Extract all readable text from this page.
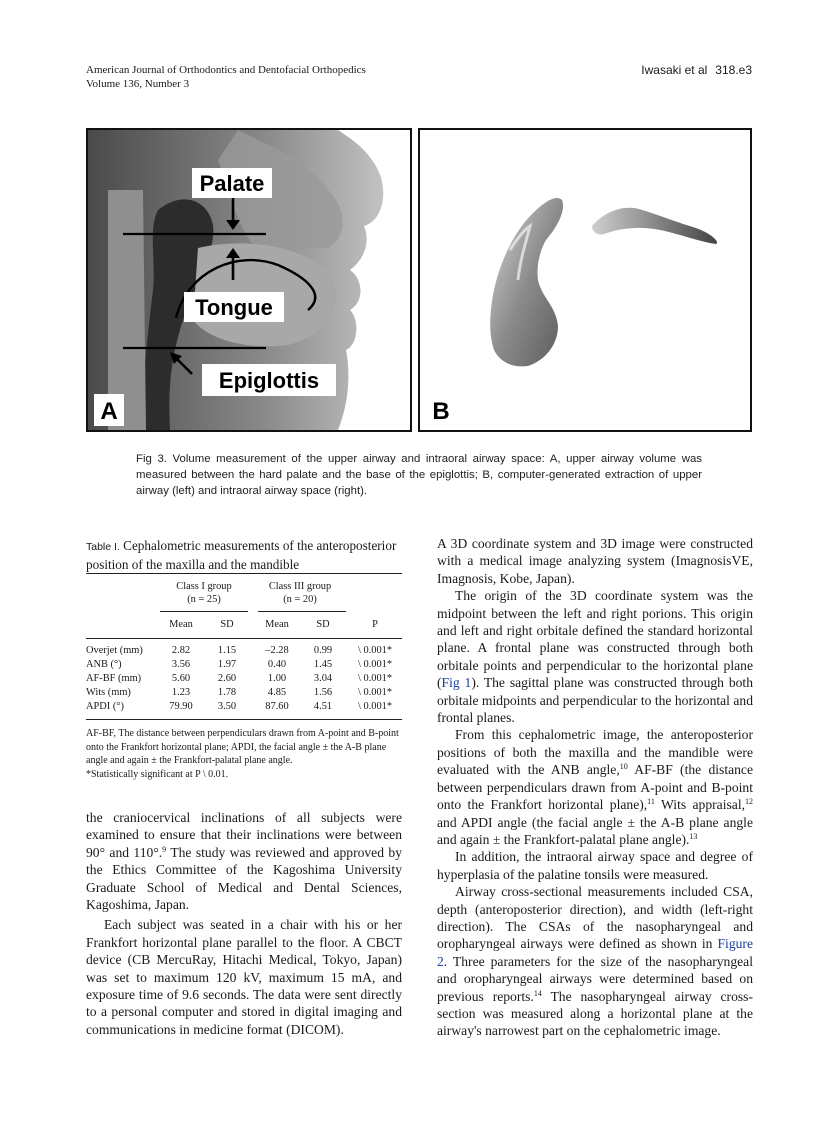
American Journal of Orthodontics and Dentofacial Orthopedics
Volume 136, Number 3
Iwasaki et al 318.e3
Palate
Tongue
Epiglottis
A	B
Fig 3. Volume measurement of the upper airway and intraoral airway space: A, upper airway volume was measured between the hard palate and the base of the epiglottis; B, computer-generated extraction of upper airway (left) and intraoral airway space (right).
Table I. Cephalometric measurements of the anteroposterior position of the maxilla and the mandible
Class I group
(n = 25)
Class III group
(n = 20)
Mean	SD	Mean	SD	P
Overjet (mm)	2.82	1.15	–2.28	0.99	\ 0.001*
ANB (°)	3.56	1.97	0.40	1.45	\ 0.001*
AF-BF (mm)	5.60	2.60	1.00	3.04	\ 0.001*
Wits (mm)	1.23	1.78	4.85	1.56	\ 0.001*
APDI (°)	79.90	3.50	87.60	4.51	\ 0.001*
AF-BF, The distance between perpendiculars drawn from A-point and B-point onto the Frankfort horizontal plane; APDI, the facial angle ± the A-B plane angle and again ± the Frankfort-palatal plane angle.
*Statistically significant at P \ 0.01.

the craniocervical inclinations of all subjects were examined to ensure that their inclinations were between 90° and 110°.$^9$ The study was reviewed and approved by the Ethics Committee of the Kagoshima University Graduate School of Medical and Dental Sciences, Kagoshima, Japan.

Each subject was seated in a chair with his or her Frankfort horizontal plane parallel to the floor. A CBCT device (CB MercuRay, Hitachi Medical, Tokyo, Japan) was set to maximum 120 kV, maximum 15 mA, and exposure time of 9.6 seconds. The data were sent directly to a personal computer and stored in digital imaging and communications in medicine format (DICOM).

A 3D coordinate system and 3D image were constructed with a medical image analyzing system (ImagnosisVE, Imagnosis, Kobe, Japan).

The origin of the 3D coordinate system was the midpoint between the left and right porions. This origin and left and right orbitale defined the standard horizontal plane. A frontal plane was constructed through both orbitale points and perpendicular to the horizontal plane (Fig 1). The sagittal plane was constructed through both orbitale midpoints and perpendicular to the horizontal and frontal planes.

From this cephalometric image, the anteroposterior positions of both the maxilla and the mandible were evaluated with the ANB angle,$^{10}$ AF-BF (the distance between perpendiculars drawn from A-point and B-point onto the Frankfort horizontal plane),$^{11}$ Wits appraisal,$^{12}$ and APDI angle (the facial angle ± the A-B plane angle and again ± the Frankfort-palatal plane angle).$^{13}$

In addition, the intraoral airway space and degree of hyperplasia of the palatine tonsils were measured.

Airway cross-sectional measurements included CSA, depth (anteroposterior direction), and width (left-right direction). The CSAs of the nasopharyngeal and oropharyngeal airways were defined as shown in Figure 2. Three parameters for the size of the nasopharyngeal and oropharyngeal airways were determined based on previous reports.$^{14}$ The nasopharyngeal airway cross-section was measured along a horizontal plane at the airway's narrowest part on the cephalometric image.
